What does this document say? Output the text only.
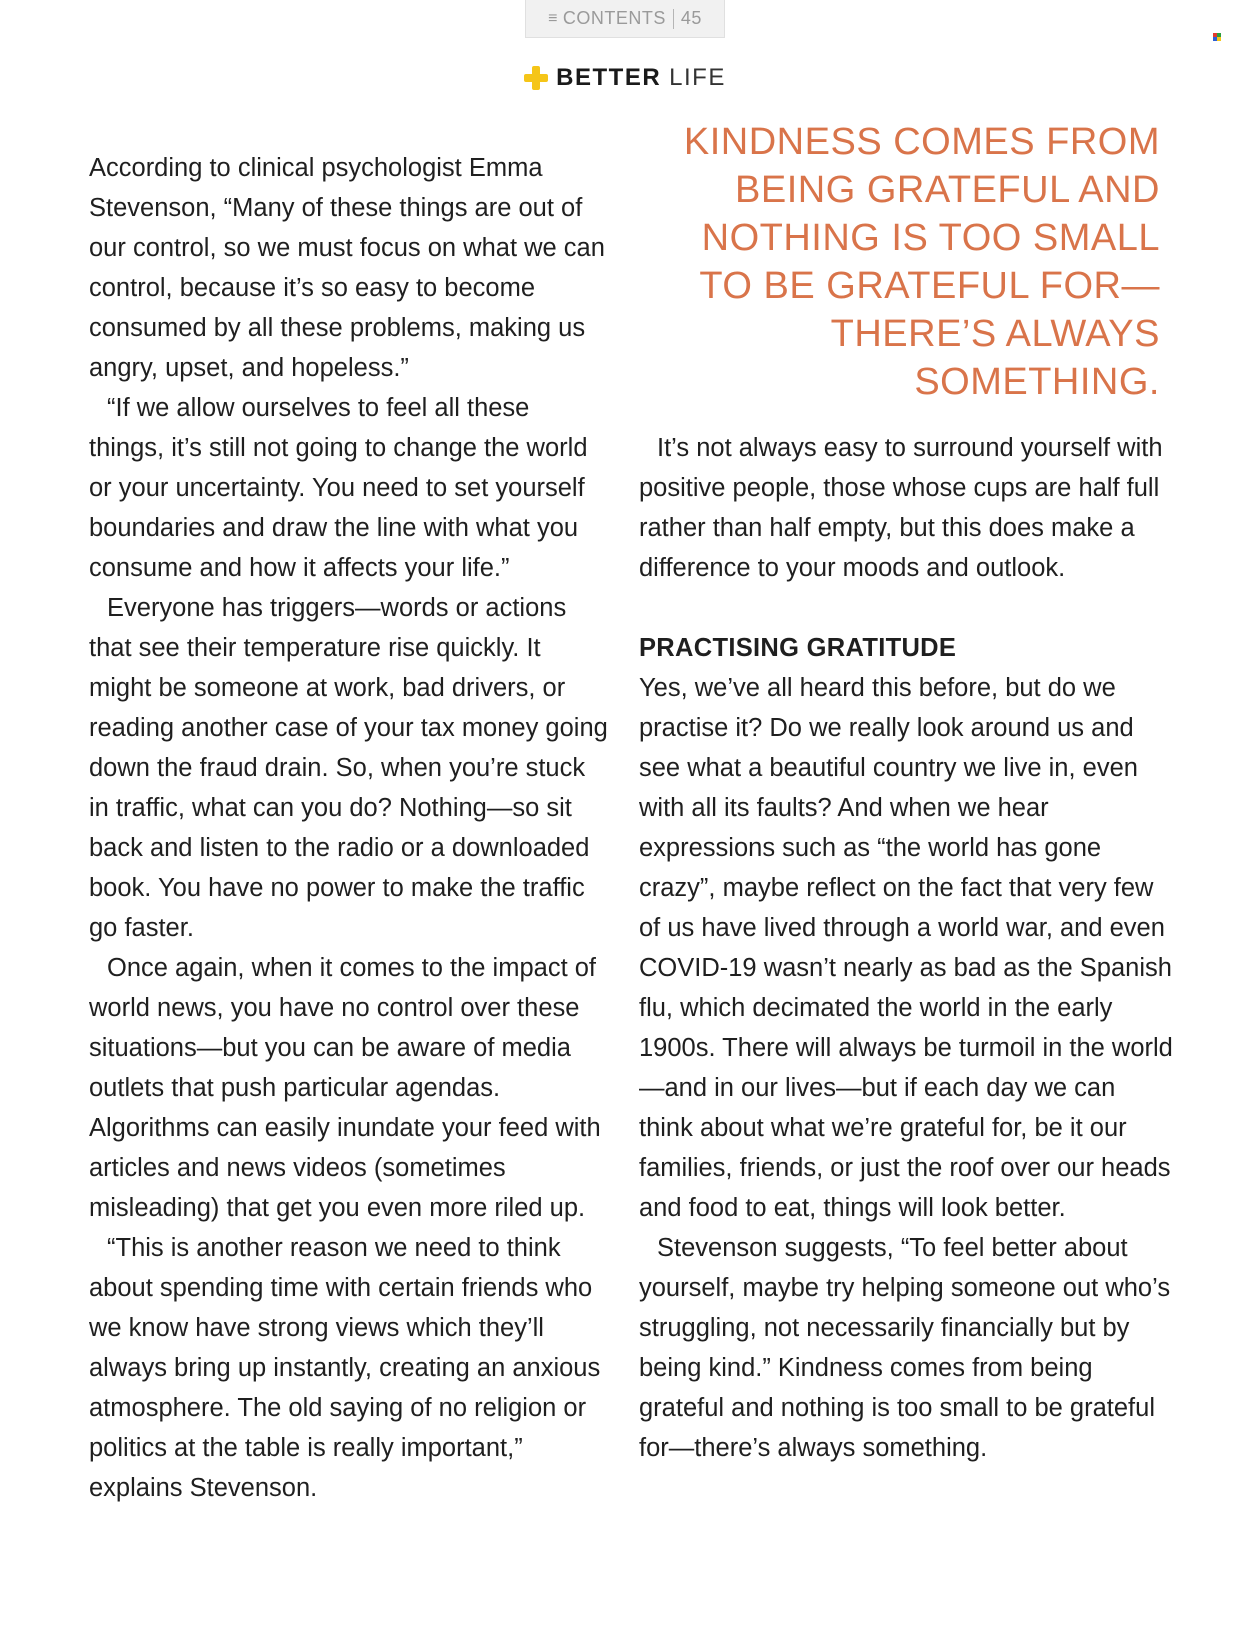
≡ CONTENTS 45
BETTER LIFE

According to clinical psychologist Emma Stevenson, “Many of these things are out of our control, so we must focus on what we can control, because it’s so easy to become consumed by all these problems, making us angry, upset, and hopeless.”

“If we allow ourselves to feel all these things, it’s still not going to change the world or your uncertainty. You need to set yourself boundaries and draw the line with what you consume and how it affects your life.”

Everyone has triggers—words or actions that see their temperature rise quickly. It might be someone at work, bad drivers, or reading another case of your tax money going down the fraud drain. So, when you’re stuck in traffic, what can you do? Nothing—so sit back and listen to the radio or a downloaded book. You have no power to make the traffic go faster.

Once again, when it comes to the impact of world news, you have no control over these situations—but you can be aware of media outlets that push particular agendas. Algorithms can easily inundate your feed with articles and news videos (sometimes misleading) that get you even more riled up.

“This is another reason we need to think about spending time with certain friends who we know have strong views which they’ll always bring up instantly, creating an anxious atmosphere. The old saying of no religion or politics at the table is really important,” explains Stevenson.

KINDNESS COMES FROM BEING GRATEFUL AND NOTHING IS TOO SMALL TO BE GRATEFUL FOR—THERE’S ALWAYS SOMETHING.

It’s not always easy to surround yourself with positive people, those whose cups are half full rather than half empty, but this does make a difference to your moods and outlook.

PRACTISING GRATITUDE

Yes, we’ve all heard this before, but do we practise it? Do we really look around us and see what a beautiful country we live in, even with all its faults? And when we hear expressions such as “the world has gone crazy”, maybe reflect on the fact that very few of us have lived through a world war, and even COVID-19 wasn’t nearly as bad as the Spanish flu, which decimated the world in the early 1900s. There will always be turmoil in the world—and in our lives—but if each day we can think about what we’re grateful for, be it our families, friends, or just the roof over our heads and food to eat, things will look better.

Stevenson suggests, “To feel better about yourself, maybe try helping someone out who’s struggling, not necessarily financially but by being kind.” Kindness comes from being grateful and nothing is too small to be grateful for—there’s always something.
